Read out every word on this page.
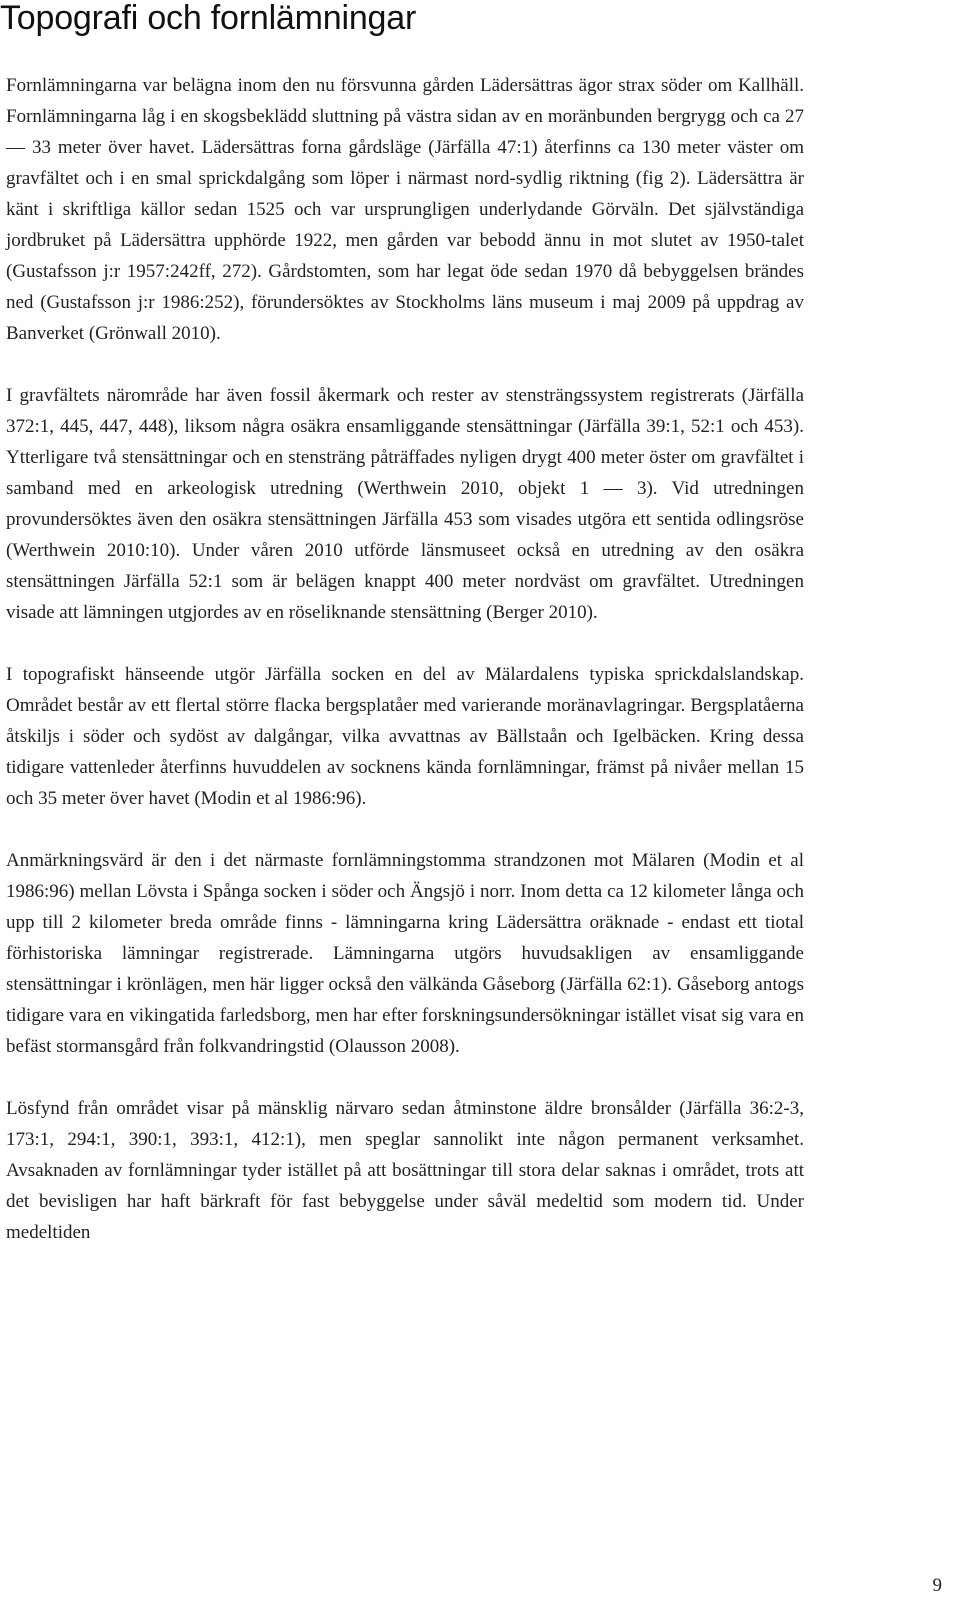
Topografi och fornlämningar

Fornlämningarna var belägna inom den nu försvunna gården Lädersättras ägor strax söder om Kallhäll. Fornlämningarna låg i en skogsbeklädd sluttning på västra sidan av en moränbunden bergrygg och ca 27 — 33 meter över havet. Lädersättras forna gårdsläge (Järfälla 47:1) återfinns ca 130 meter väster om gravfältet och i en smal sprickdalgång som löper i närmast nord-sydlig riktning (fig 2). Lädersättra är känt i skriftliga källor sedan 1525 och var ursprungligen underlydande Görväln. Det självständiga jordbruket på Lädersättra upphörde 1922, men gården var bebodd ännu in mot slutet av 1950-talet (Gustafsson j:r 1957:242ff, 272). Gårdstomten, som har legat öde sedan 1970 då bebyggelsen brändes ned (Gustafsson j:r 1986:252), förundersöktes av Stockholms läns museum i maj 2009 på uppdrag av Banverket (Grönwall 2010).

I gravfältets närområde har även fossil åkermark och rester av stensträngssystem registrerats (Järfälla 372:1, 445, 447, 448), liksom några osäkra ensamliggande stensättningar (Järfälla 39:1, 52:1 och 453). Ytterligare två stensättningar och en stensträng påträffades nyligen drygt 400 meter öster om gravfältet i samband med en arkeologisk utredning (Werthwein 2010, objekt 1 — 3). Vid utredningen provundersöktes även den osäkra stensättningen Järfälla 453 som visades utgöra ett sentida odlingsröse (Werthwein 2010:10). Under våren 2010 utförde länsmuseet också en utredning av den osäkra stensättningen Järfälla 52:1 som är belägen knappt 400 meter nordväst om gravfältet. Utredningen visade att lämningen utgjordes av en röseliknande stensättning (Berger 2010).

I topografiskt hänseende utgör Järfälla socken en del av Mälardalens typiska sprickdalslandskap. Området består av ett flertal större flacka bergsplatåer med varierande moränavlagringar. Bergsplatåerna åtskiljs i söder och sydöst av dalgångar, vilka avvattnas av Bällstaån och Igelbäcken. Kring dessa tidigare vattenleder återfinns huvuddelen av socknens kända fornlämningar, främst på nivåer mellan 15 och 35 meter över havet (Modin et al 1986:96).

Anmärkningsvärd är den i det närmaste fornlämningstomma strandzonen mot Mälaren (Modin et al 1986:96) mellan Lövsta i Spånga socken i söder och Ängsjö i norr. Inom detta ca 12 kilometer långa och upp till 2 kilometer breda område finns - lämningarna kring Lädersättra oräknade - endast ett tiotal förhistoriska lämningar registrerade. Lämningarna utgörs huvudsakligen av ensamliggande stensättningar i krönlägen, men här ligger också den välkända Gåseborg (Järfälla 62:1). Gåseborg antogs tidigare vara en vikingatida farledsborg, men har efter forskningsundersökningar istället visat sig vara en befäst stormansgård från folkvandringstid (Olausson 2008).

Lösfynd från området visar på mänsklig närvaro sedan åtminstone äldre bronsålder (Järfälla 36:2-3, 173:1, 294:1, 390:1, 393:1, 412:1), men speglar sannolikt inte någon permanent verksamhet. Avsaknaden av fornlämningar tyder istället på att bosättningar till stora delar saknas i området, trots att det bevisligen har haft bärkraft för fast bebyggelse under såväl medeltid som modern tid. Under medeltiden

9
